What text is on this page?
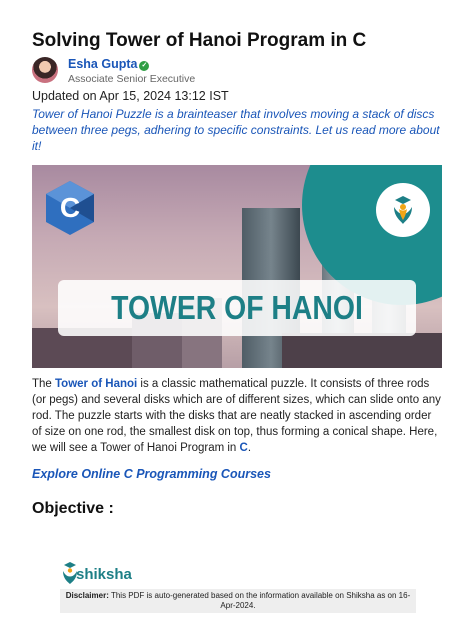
Solving Tower of Hanoi Program in C
Esha Gupta ✓
Associate Senior Executive
Updated on Apr 15, 2024 13:12 IST

Tower of Hanoi Puzzle is a brainteaser that involves moving a stack of discs between three pegs, adhering to specific constraints. Let us read more about it!

C
TOWER OF HANOI

The Tower of Hanoi is a classic mathematical puzzle. It consists of three rods (or pegs) and several disks which are of different sizes, which can slide onto any rod. The puzzle starts with the disks that are neatly stacked in ascending order of size on one rod, the smallest disk on top, thus forming a conical shape. Here, we will see a Tower of Hanoi Program in C.

Explore Online C Programming Courses
Objective :
shiksha
Disclaimer: This PDF is auto-generated based on the information available on Shiksha as on 16-Apr-2024.
